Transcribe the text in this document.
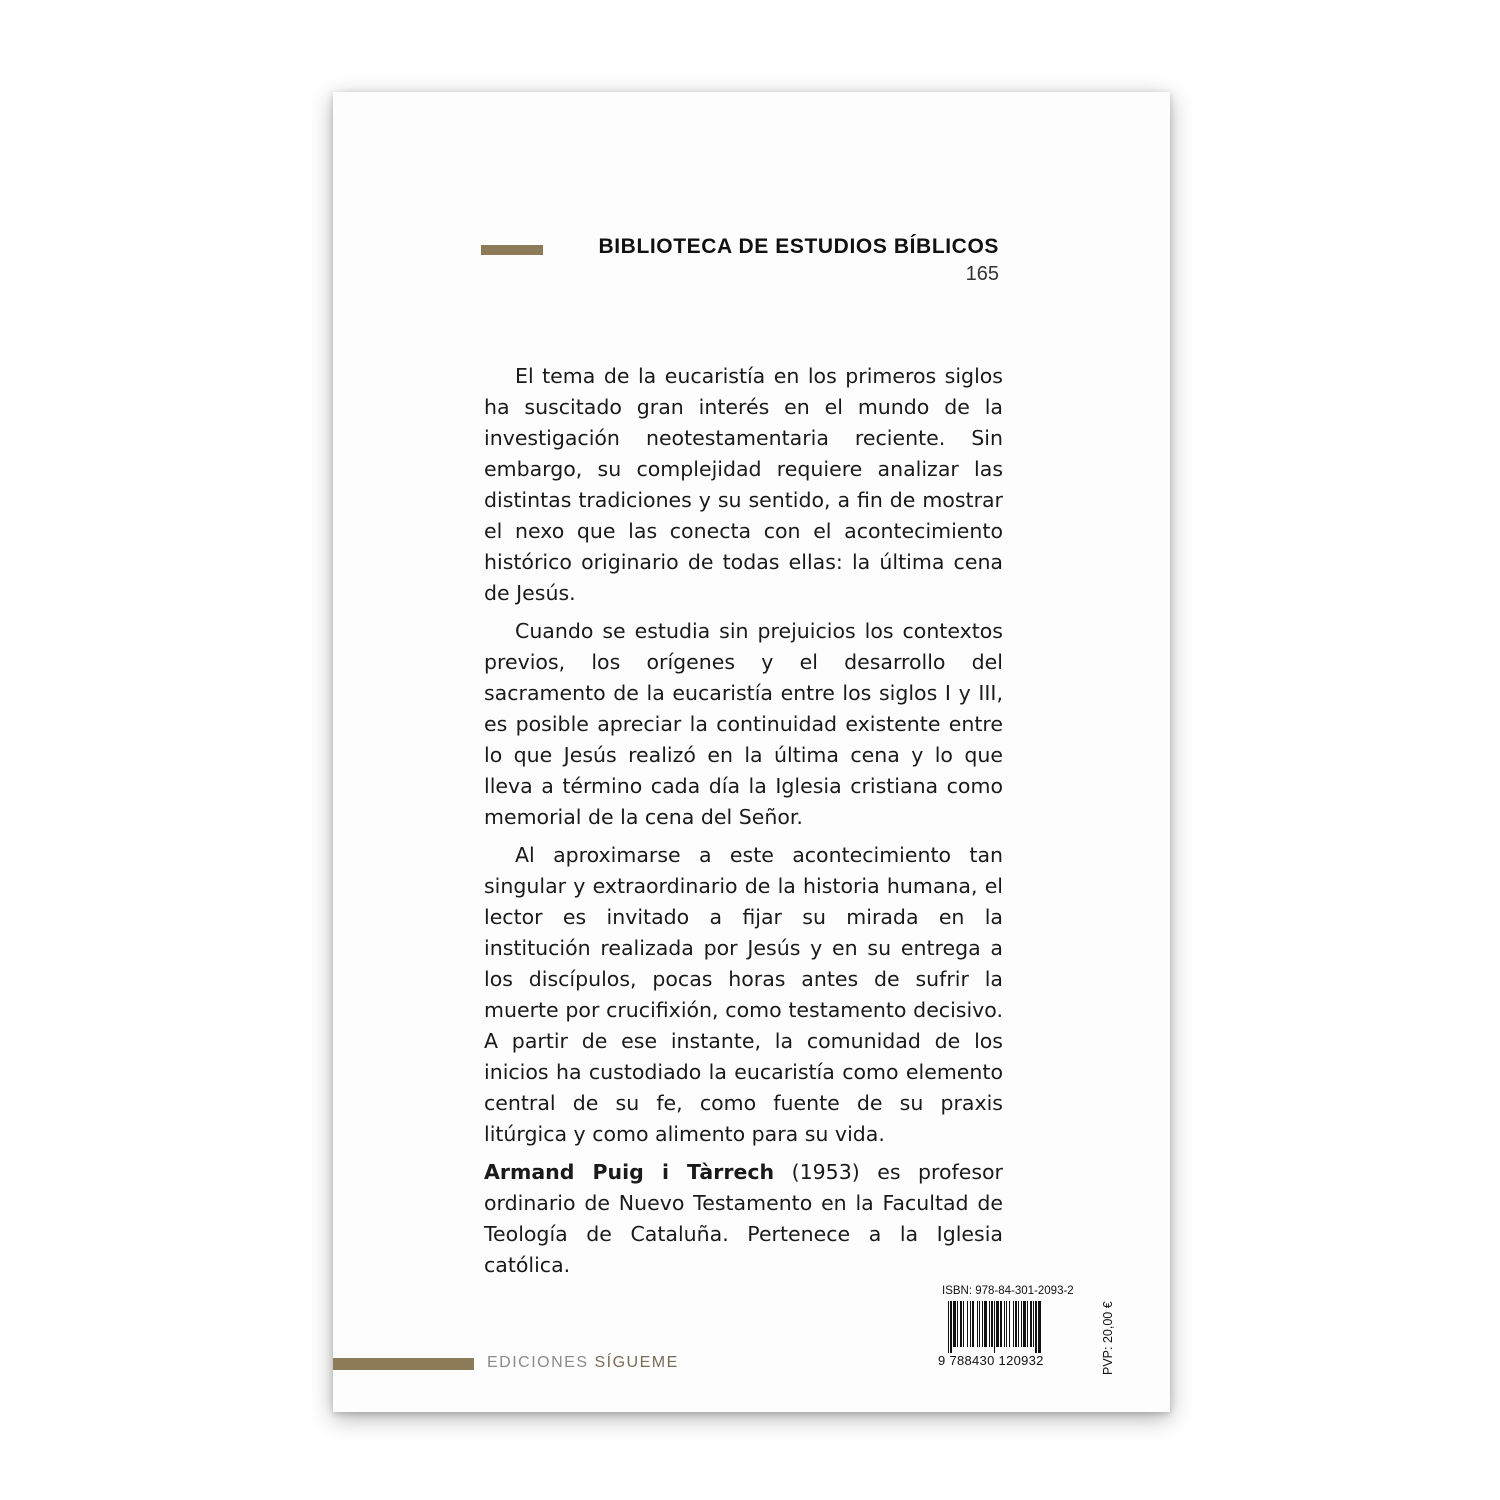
BIBLIOTECA DE ESTUDIOS BÍBLICOS
165

El tema de la eucaristía en los primeros siglos ha suscitado gran interés en el mundo de la investigación neotestamentaria reciente. Sin embargo, su complejidad requiere analizar las distintas tradiciones y su sentido, a fin de mostrar el nexo que las conecta con el acontecimiento histórico originario de todas ellas: la última cena de Jesús.

Cuando se estudia sin prejuicios los contextos previos, los orígenes y el desarrollo del sacramento de la eucaristía entre los siglos I y III, es posible apreciar la continuidad existente entre lo que Jesús realizó en la última cena y lo que lleva a término cada día la Iglesia cristiana como memorial de la cena del Señor.

Al aproximarse a este acontecimiento tan singular y extraordinario de la historia humana, el lector es invitado a fijar su mirada en la institución realizada por Jesús y en su entrega a los discípulos, pocas horas antes de sufrir la muerte por crucifixión, como testamento decisivo. A partir de ese instante, la comunidad de los inicios ha custodiado la eucaristía como elemento central de su fe, como fuente de su praxis litúrgica y como alimento para su vida.

Armand Puig i Tàrrech (1953) es profesor ordinario de Nuevo Testamento en la Facultad de Teología de Cataluña. Pertenece a la Iglesia católica.

EDICIONES SÍGUEME
ISBN: 978-84-301-2093-2
9 788430 120932	PVP: 20,00 €
